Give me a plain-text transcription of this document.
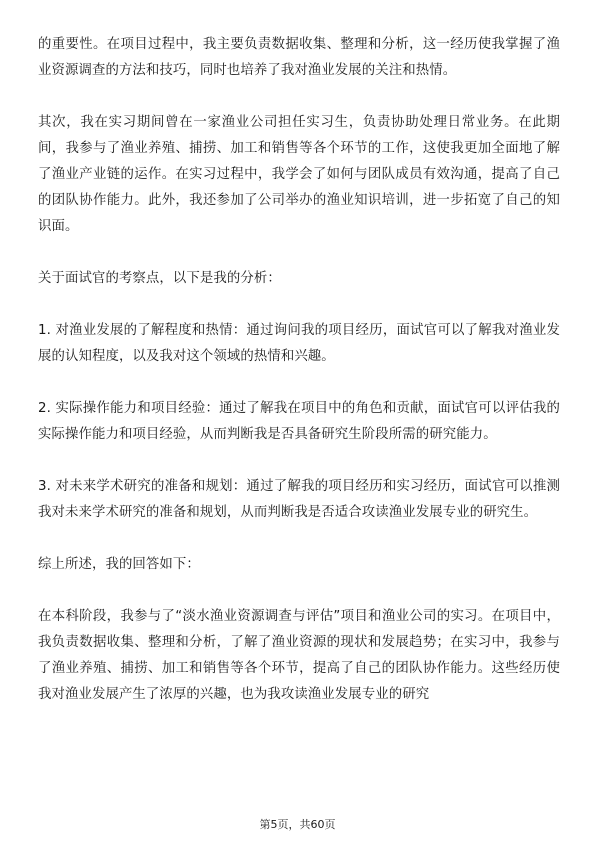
的重要性。在项目过程中，我主要负责数据收集、整理和分析，这一经历使我掌握了渔业资源调查的方法和技巧，同时也培养了我对渔业发展的关注和热情。

其次，我在实习期间曾在一家渔业公司担任实习生，负责协助处理日常业务。在此期间，我参与了渔业养殖、捕捞、加工和销售等各个环节的工作，这使我更加全面地了解了渔业产业链的运作。在实习过程中，我学会了如何与团队成员有效沟通，提高了自己的团队协作能力。此外，我还参加了公司举办的渔业知识培训，进一步拓宽了自己的知识面。

关于面试官的考察点，以下是我的分析：

1. 对渔业发展的了解程度和热情：通过询问我的项目经历，面试官可以了解我对渔业发展的认知程度，以及我对这个领域的热情和兴趣。

2. 实际操作能力和项目经验：通过了解我在项目中的角色和贡献，面试官可以评估我的实际操作能力和项目经验，从而判断我是否具备研究生阶段所需的研究能力。

3. 对未来学术研究的准备和规划：通过了解我的项目经历和实习经历，面试官可以推测我对未来学术研究的准备和规划，从而判断我是否适合攻读渔业发展专业的研究生。

综上所述，我的回答如下：

在本科阶段，我参与了“淡水渔业资源调查与评估”项目和渔业公司的实习。在项目中，我负责数据收集、整理和分析，了解了渔业资源的现状和发展趋势；在实习中，我参与了渔业养殖、捕捞、加工和销售等各个环节，提高了自己的团队协作能力。这些经历使我对渔业发展产生了浓厚的兴趣，也为我攻读渔业发展专业的研究

第5页，共60页
